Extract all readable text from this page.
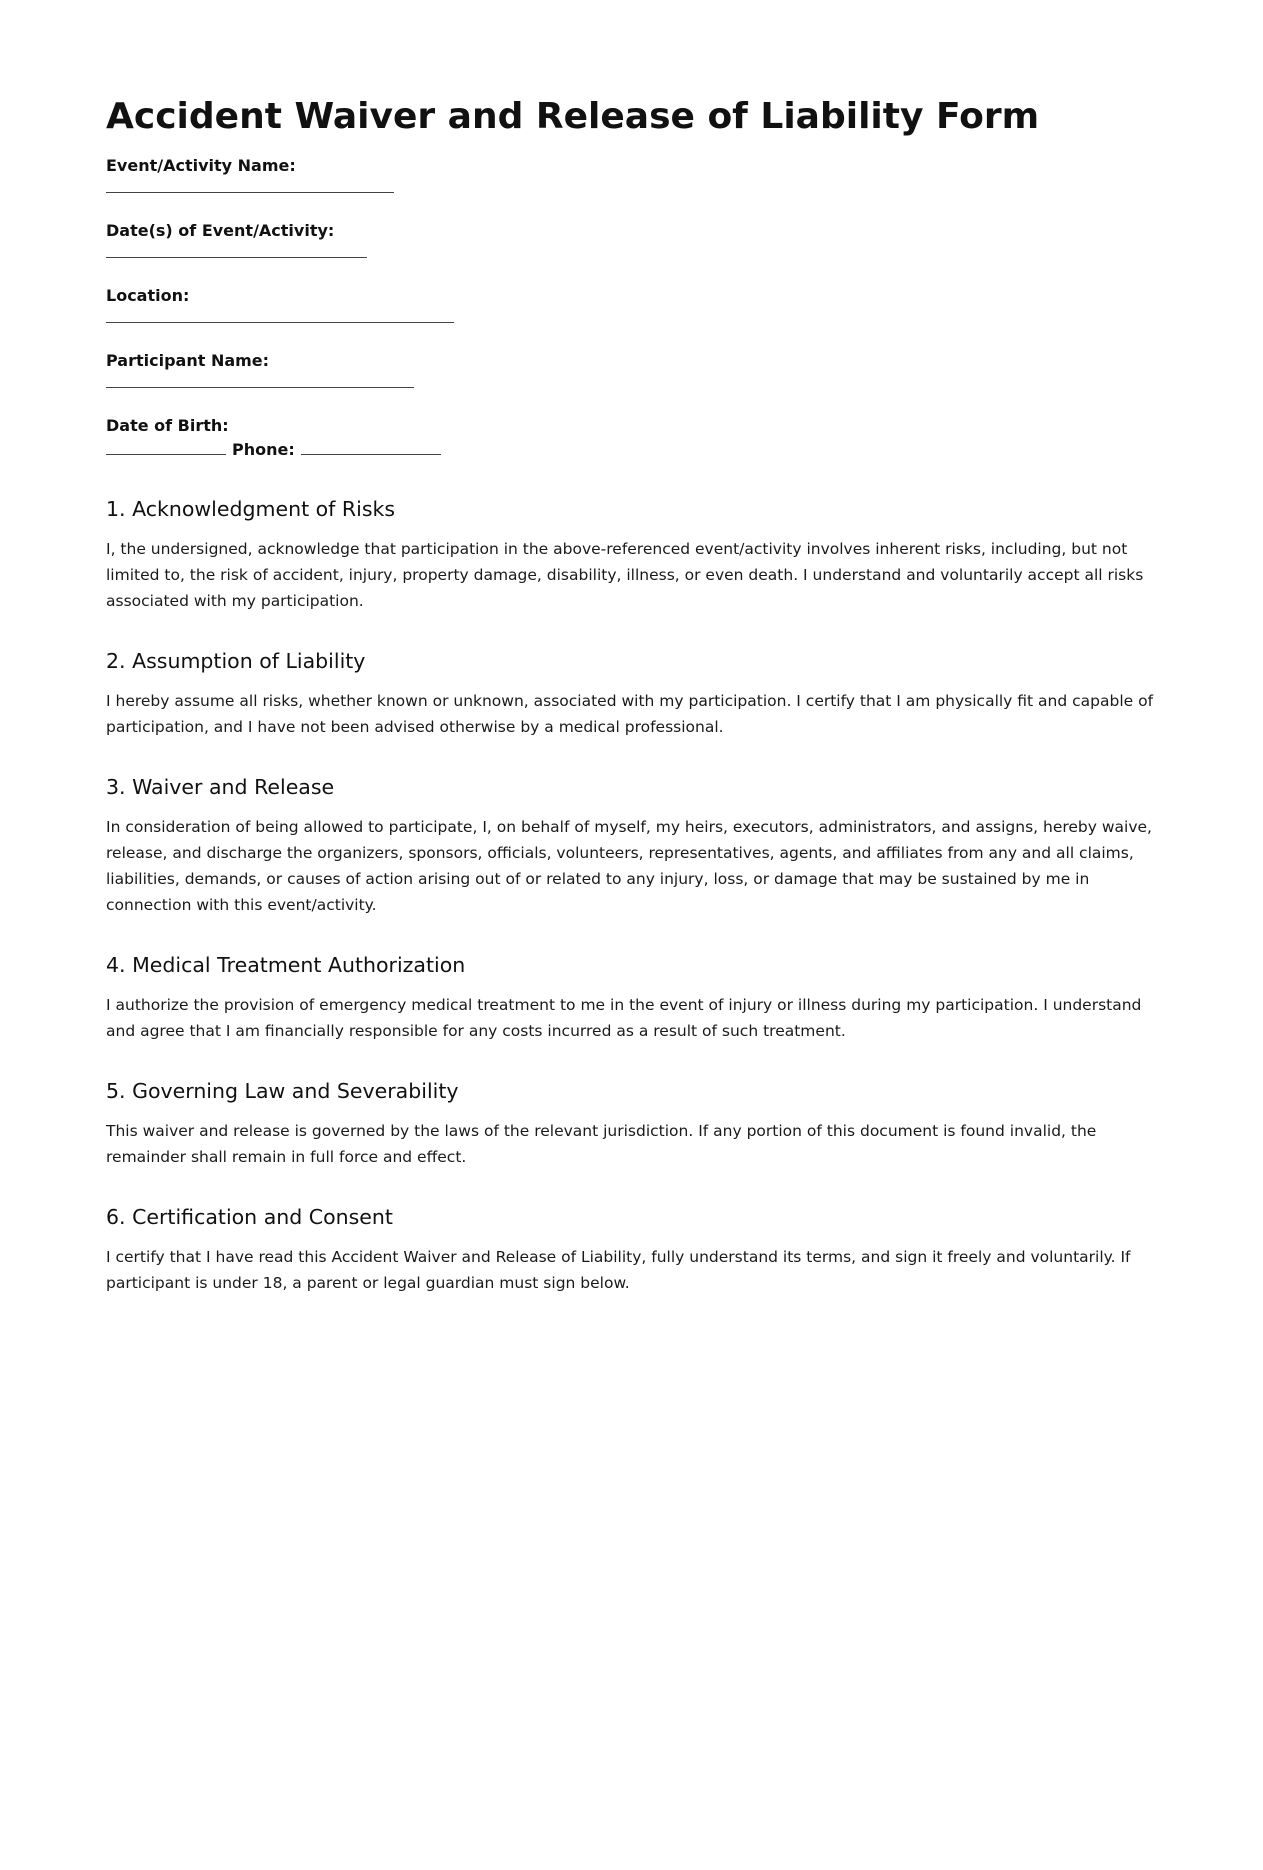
Accident Waiver and Release of Liability Form
Event/Activity Name:
Date(s) of Event/Activity:
Location:
Participant Name:
Date of Birth:
Phone:
1. Acknowledgment of Risks

I, the undersigned, acknowledge that participation in the above-referenced event/activity involves inherent risks, including, but not limited to, the risk of accident, injury, property damage, disability, illness, or even death. I understand and voluntarily accept all risks associated with my participation.

2. Assumption of Liability

I hereby assume all risks, whether known or unknown, associated with my participation. I certify that I am physically fit and capable of participation, and I have not been advised otherwise by a medical professional.

3. Waiver and Release

In consideration of being allowed to participate, I, on behalf of myself, my heirs, executors, administrators, and assigns, hereby waive, release, and discharge the organizers, sponsors, officials, volunteers, representatives, agents, and affiliates from any and all claims, liabilities, demands, or causes of action arising out of or related to any injury, loss, or damage that may be sustained by me in connection with this event/activity.

4. Medical Treatment Authorization

I authorize the provision of emergency medical treatment to me in the event of injury or illness during my participation. I understand and agree that I am financially responsible for any costs incurred as a result of such treatment.

5. Governing Law and Severability

This waiver and release is governed by the laws of the relevant jurisdiction. If any portion of this document is found invalid, the remainder shall remain in full force and effect.

6. Certification and Consent

I certify that I have read this Accident Waiver and Release of Liability, fully understand its terms, and sign it freely and voluntarily. If participant is under 18, a parent or legal guardian must sign below.
